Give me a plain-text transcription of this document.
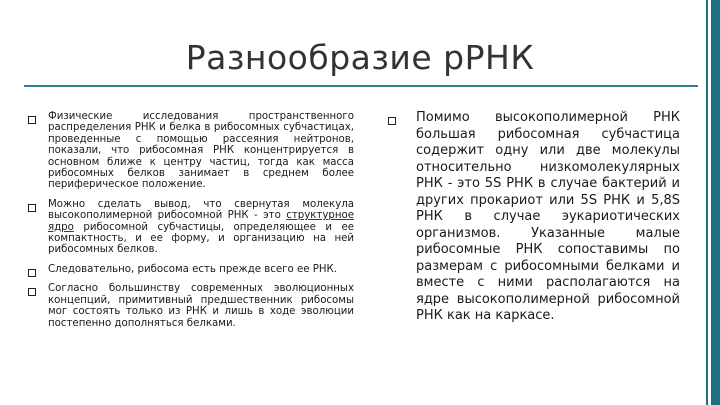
Разнообразие рРНК
Физические исследования пространственного распределения РНК и белка в рибосомных субчастицах, проведенные с помощью рассеяния нейтронов, показали, что рибосомная РНК концентрируется в основном ближе к центру частиц, тогда как масса рибосомных белков занимает в среднем более периферическое положение.
Можно сделать вывод, что свернутая молекула высокополимерной рибосомной РНК - это структурное ядро рибосомной субчастицы, определяющее и ее компактность, и ее форму, и организацию на ней рибосомных белков.
Следовательно, рибосома есть прежде всего ее РНК.
Согласно большинству современных эволюционных концепций, примитивный предшественник рибосомы мог состоять только из РНК и лишь в ходе эволюции постепенно дополняться белками.
Помимо высокополимерной РНК большая рибосомная субчастица содержит одну или две молекулы относительно низкомолекулярных РНК - это 5S РНК в случае бактерий и других прокариот или 5S РНК и 5,8S РНК в случае эукариотических организмов. Указанные малые рибосомные РНК сопоставимы по размерам с рибосомными белками и вместе с ними располагаются на ядре высокополимерной рибосомной РНК как на каркасе.
